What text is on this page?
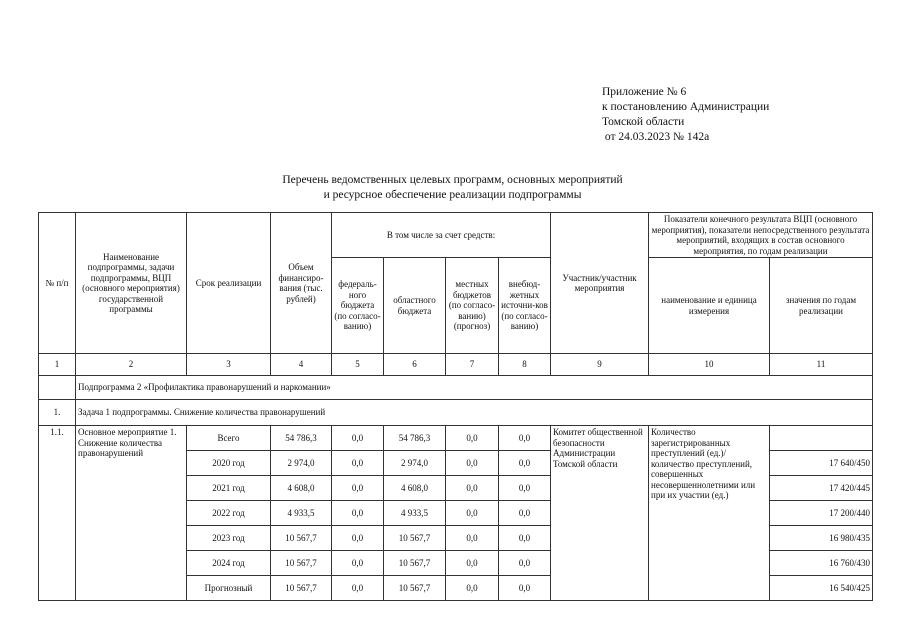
Приложение № 6
к постановлению Администрации
Томской области
от 24.03.2023 № 142а
Перечень ведомственных целевых программ, основных мероприятий
и ресурсное обеспечение реализации подпрограммы
№ п/п	Наименование подпрограммы, задачи подпрограммы, ВЦП (основного мероприятия) государственной программы	Срок реализации	Объем финансиро-вания (тыс. рублей)	В том числе за счет средств:				Участник/участник мероприятия	Показатели конечного результата ВЦП (основного мероприятия), показатели непосредственного результата мероприятий, входящих в состав основного мероприятия, по годам реализации	
				федераль-ного бюджета (по согласо-ванию)	областного бюджета	местных бюджетов (по согласо-ванию) (прогноз)	внебюд-жетных источни-ков (по согласо-ванию)		наименование и единица измерения	значения по годам реализации
1	2	3	4	5	6	7	8	9	10	11
	Подпрограмма 2 «Профилактика правонарушений и наркомании»									
1.	Задача 1 подпрограммы. Снижение количества правонарушений									
1.1.	Основное мероприятие 1. Снижение количества правонарушений	Всего	54 786,3	0,0	54 786,3	0,0	0,0	Комитет общественной безопасности Администрации Томской области	Количество зарегистрированных преступлений (ед.)/ количество преступлений, совершенных несовершеннолетними или при их участии (ед.)	
		2020 год	2 974,0	0,0	2 974,0	0,0	0,0			17 640/450
		2021 год	4 608,0	0,0	4 608,0	0,0	0,0			17 420/445
		2022 год	4 933,5	0,0	4 933,5	0,0	0,0			17 200/440
		2023 год	10 567,7	0,0	10 567,7	0,0	0,0			16 980/435
		2024 год	10 567,7	0,0	10 567,7	0,0	0,0			16 760/430
		Прогнозный	10 567,7	0,0	10 567,7	0,0	0,0			16 540/425
